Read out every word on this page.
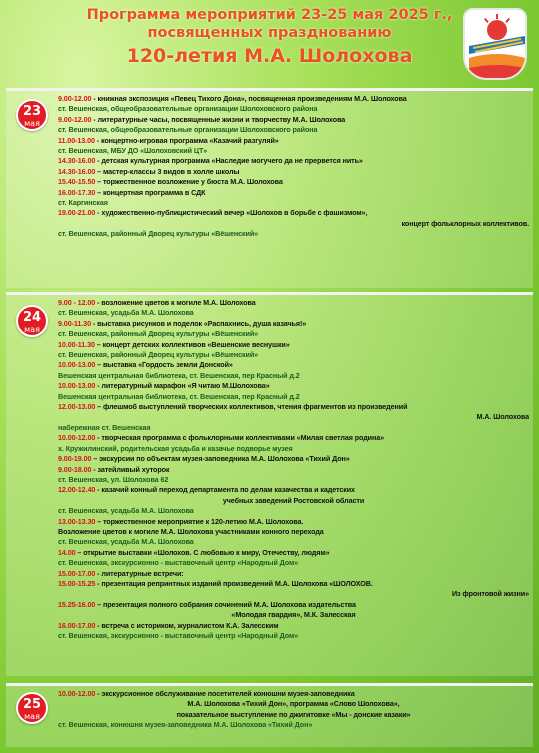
Программа мероприятий 23-25 мая 2025 г.,
посвященных празднованию
120-летия М.А. Шолохова
23
мая
9.00-12.00 - книжная экспозиция «Певец Тихого Дона», посвященная произведениям М.А. Шолохова
ст. Вешенская, общеобразовательные организации Шолоховского района
9.00-12.00 - литературные часы, посвященные жизни и творчеству М.А. Шолохова
ст. Вешенская, общеобразовательные организации Шолоховского района
11.00-13.00 - концертно-игровая программа «Казачий разгуляй»
ст. Вешенская, МБУ ДО «Шолоховский ЦТ»
14.30-16.00 - детская культурная программа «Наследие могучего да не прервется нить»
14.30-16.00 – мастер-классы 3 видов в холле школы
15.40-15.50 – торжественное возложение у бюста М.А. Шолохова
16.00-17.30 – концертная программа в СДК
ст. Каргинская
19.00-21.00 - художественно-публицистический вечер «Шолохов в борьбе с фашизмом»,
концерт фольклорных коллективов.
ст. Вешенская, районный Дворец культуры «Вёшенский»
24
мая
9.00 - 12.00 - возложение цветов к могиле М.А. Шолохова
ст. Вешенская, усадьба М.А. Шолохова
9.00-11.30 - выставка рисунков и поделок «Распахнись, душа казачья!»
ст. Вешенская, районный Дворец культуры «Вёшенский»
10.00-11.30 – концерт детских коллективов «Вешенские веснушки»
ст. Вешенская, районный Дворец культуры «Вёшенский»
10.00-13.00 – выставка «Гордость земли Донской»
Вешенская центральная библиотека, ст. Вешенская, пер Красный д.2
10.00-13.00 - литературный марафон «Я читаю М.Шолохова»
Вешенская центральная библиотека, ст. Вешенская, пер Красный д.2
12.00-13.00 – флешмоб выступлений творческих коллективов, чтения фрагментов из произведений
М.А. Шолохова
набережная ст. Вешенская
10.00-12.00 - творческая программа с фольклорными коллективами «Милая светлая родина»
х. Кружилинский, родительская усадьба и казачье подворье музея
9.00-19.00 – экскурсии по объектам музея-заповедника М.А. Шолохова «Тихий Дон»
9.00-18.00 - затейливый хуторок
ст. Вешенская, ул. Шолохова 62
12.00-12.40 - казачий конный переход департамента по делам казачества и кадетских
учебных заведений Ростовской области
ст. Вешенская, усадьба М.А. Шолохова
13.00-13.30 – торжественное мероприятие к 120-летию М.А. Шолохова.
Возложение цветов к могиле М.А. Шолохова участниками конного перехода
ст. Вешенская, усадьба М.А. Шолохова
14.00 – открытие выставки «Шолохов. С любовью к миру, Отечеству, людям»
ст. Вешенская, экскурсионно - выставочный центр «Народный Дом»
15.00-17.00 - литературные встречи:
15.00-15.25 - презентация репринтных изданий произведений М.А. Шолохова «ШОЛОХОВ.
Из фронтовой жизни»
15.25-16.00 – презентация полного собрания сочинений М.А. Шолохова издательства
«Молодая гвардия», М.К. Залесская
16.00-17.00 - встреча с историком, журналистом К.А. Залесским
ст. Вешенская, экскурсионно - выставочный центр «Народный Дом»
25
мая
10.00-12.00 - экскурсионное обслуживание посетителей конюшни музея-заповедника
М.А. Шолохова «Тихий Дон», программа «Слово Шолохова»,
показательное выступление по джигитовке «Мы - донские казаки»
ст. Вешенская, конюшня музея-заповедника М.А. Шолохова «Тихий Дон»
